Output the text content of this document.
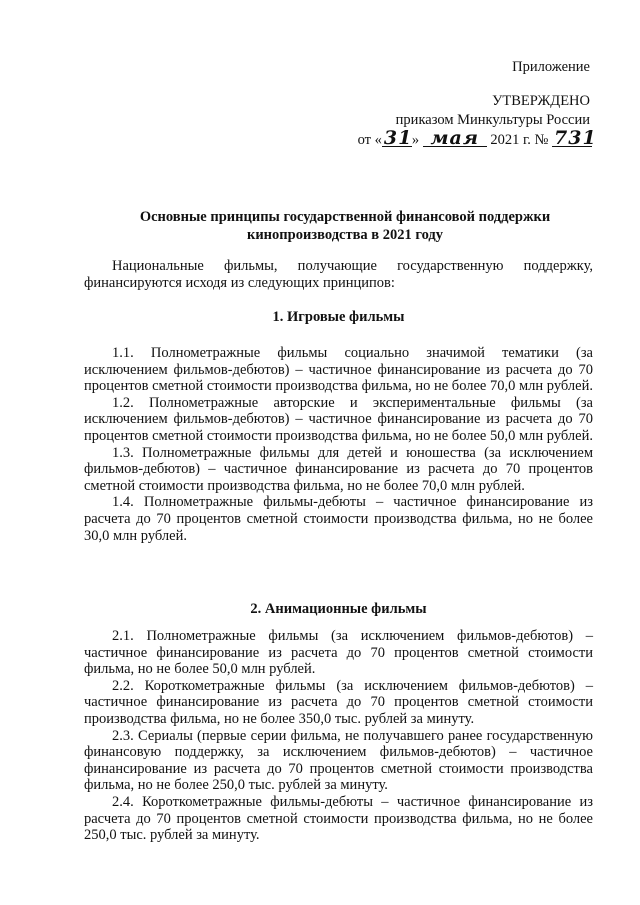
Приложение
УТВЕРЖДЕНО
приказом Минкультуры России
от « 31» мая 2021 г. № 731
Основные принципы государственной финансовой поддержки
кинопроизводства в 2021 году

Национальные фильмы, получающие государственную поддержку, финансируются исходя из следующих принципов:

1. Игровые фильмы

1.1. Полнометражные фильмы социально значимой тематики (за исключением фильмов-дебютов) – частичное финансирование из расчета до 70 процентов сметной стоимости производства фильма, но не более 70,0 млн рублей.

1.2. Полнометражные авторские и экспериментальные фильмы (за исключением фильмов-дебютов) – частичное финансирование из расчета до 70 процентов сметной стоимости производства фильма, но не более 50,0 млн рублей.

1.3. Полнометражные фильмы для детей и юношества (за исключением фильмов-дебютов) – частичное финансирование из расчета до 70 процентов сметной стоимости производства фильма, но не более 70,0 млн рублей.

1.4. Полнометражные фильмы-дебюты – частичное финансирование из расчета до 70 процентов сметной стоимости производства фильма, но не более 30,0 млн рублей.

2. Анимационные фильмы

2.1. Полнометражные фильмы (за исключением фильмов-дебютов) – частичное финансирование из расчета до 70 процентов сметной стоимости фильма, но не более 50,0 млн рублей.

2.2. Короткометражные фильмы (за исключением фильмов-дебютов) – частичное финансирование из расчета до 70 процентов сметной стоимости производства фильма, но не более 350,0 тыс. рублей за минуту.

2.3. Сериалы (первые серии фильма, не получавшего ранее государственную финансовую поддержку, за исключением фильмов-дебютов) – частичное финансирование из расчета до 70 процентов сметной стоимости производства фильма, но не более 250,0 тыс. рублей за минуту.

2.4. Короткометражные фильмы-дебюты – частичное финансирование из расчета до 70 процентов сметной стоимости производства фильма, но не более 250,0 тыс. рублей за минуту.
